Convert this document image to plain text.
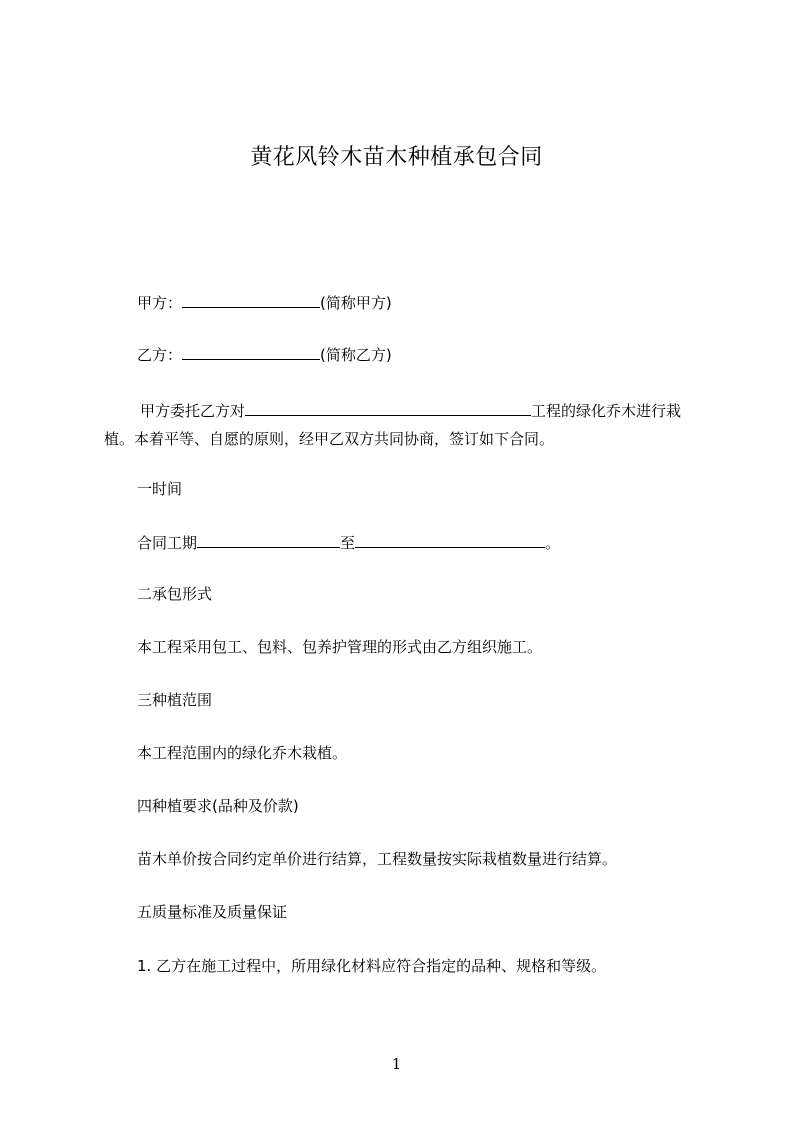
黄花风铃木苗木种植承包合同
甲方：	(简称甲方)
乙方：	(简称乙方)
甲方委托乙方对	工程的绿化乔木进行栽
植。本着平等、自愿的原则，经甲乙双方共同协商，签订如下合同。
一时间
合同工期	至	。
二承包形式
本工程采用包工、包料、包养护管理的形式由乙方组织施工。
三种植范围
本工程范围内的绿化乔木栽植。
四种植要求(品种及价款)
苗木单价按合同约定单价进行结算，工程数量按实际栽植数量进行结算。
五质量标准及质量保证
1. 乙方在施工过程中，所用绿化材料应符合指定的品种、规格和等级。
1
